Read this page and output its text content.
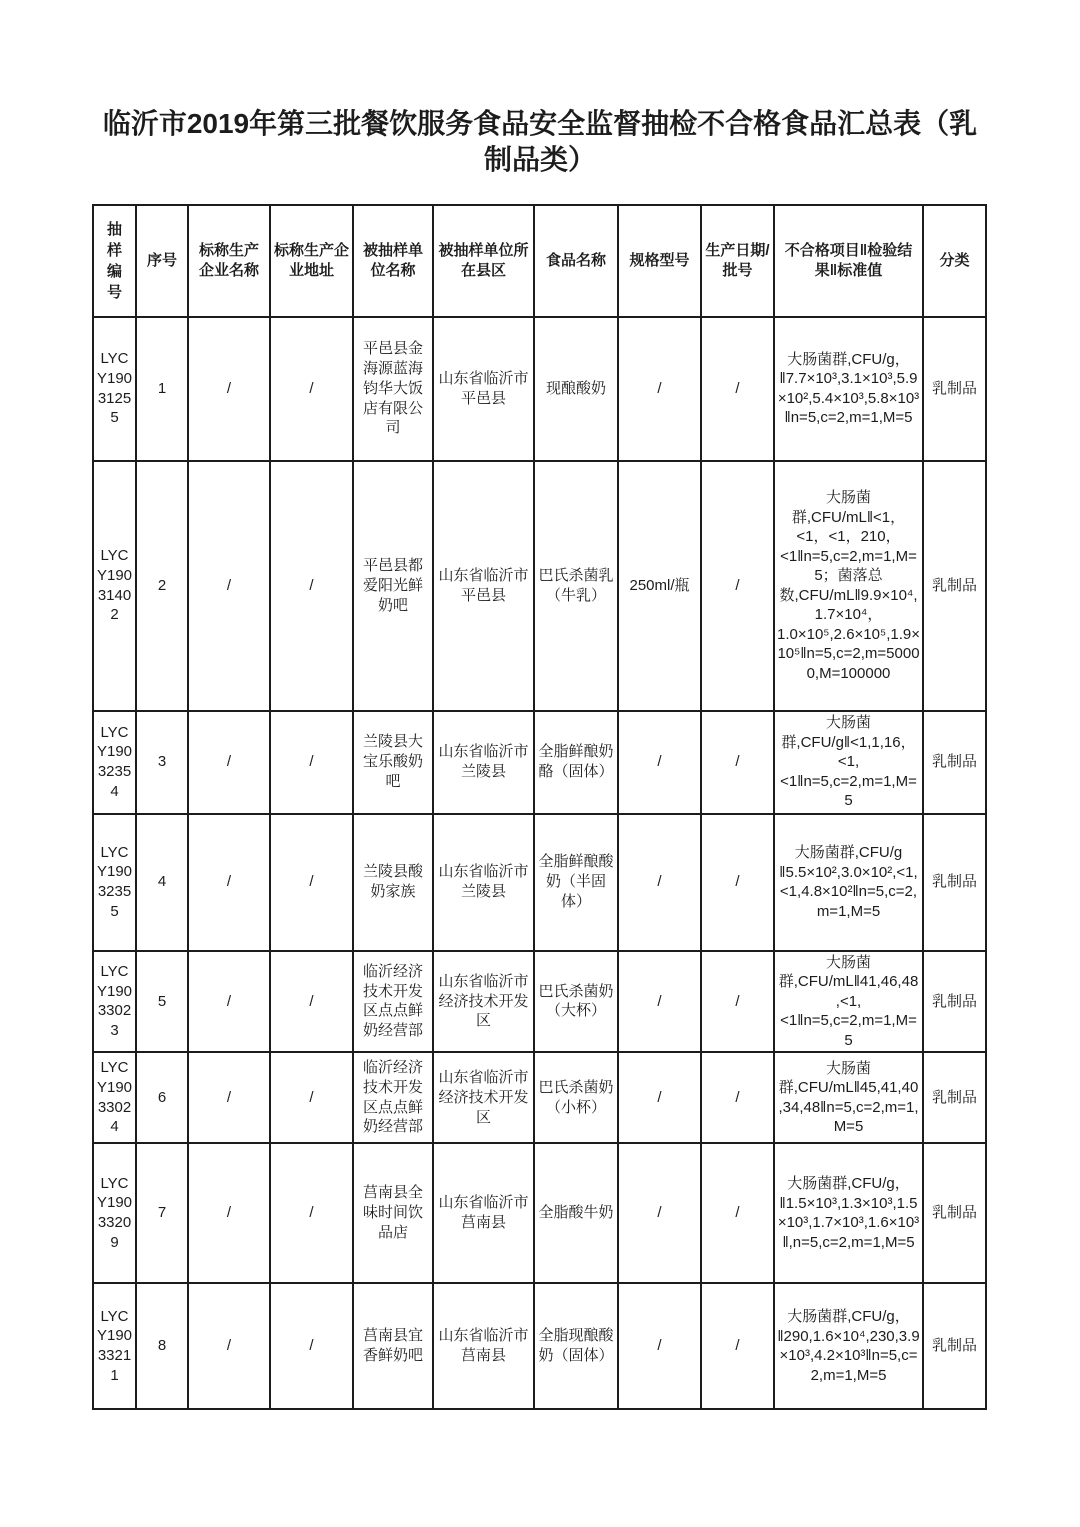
临沂市2019年第三批餐饮服务食品安全监督抽检不合格食品汇总表（乳制品类）
抽样编号	序号	标称生产企业名称	标称生产企业地址	被抽样单位名称	被抽样单位所在县区	食品名称	规格型号	生产日期/批号	不合格项目‖检验结果‖标准值	分类
LYCY19031255	1	/	/	平邑县金海源蓝海钧华大饭店有限公司	山东省临沂市平邑县	现酿酸奶	/	/	大肠菌群,CFU/g，‖7.7×10³,3.1×10³,5.9×10²,5.4×10³,5.8×10³‖n=5,c=2,m=1,M=5	乳制品
LYCY19031402	2	/	/	平邑县都爱阳光鲜奶吧	山东省临沂市平邑县	巴氏杀菌乳（牛乳）	250ml/瓶	/	大肠菌群,CFU/mL‖<1，<1，<1，210，<1‖n=5,c=2,m=1,M=5；菌落总数,CFU/mL‖9.9×10⁴,1.7×10⁴，1.0×10⁵,2.6×10⁵,1.9×10⁵‖n=5,c=2,m=50000,M=100000	乳制品
LYCY19032354	3	/	/	兰陵县大宝乐酸奶吧	山东省临沂市兰陵县	全脂鲜酿奶酪（固体）	/	/	大肠菌群,CFU/g‖<1,1,16，<1,<1‖n=5,c=2,m=1,M=5	乳制品
LYCY19032355	4	/	/	兰陵县酸奶家族	山东省临沂市兰陵县	全脂鲜酿酸奶（半固体）	/	/	大肠菌群,CFU/g ‖5.5×10²,3.0×10²,<1,<1,4.8×10²‖n=5,c=2,m=1,M=5	乳制品
LYCY19033023	5	/	/	临沂经济技术开发区点点鲜奶经营部	山东省临沂市经济技术开发区	巴氏杀菌奶（大杯）	/	/	大肠菌群,CFU/mL‖41,46,48,<1,<1‖n=5,c=2,m=1,M=5	乳制品
LYCY19033024	6	/	/	临沂经济技术开发区点点鲜奶经营部	山东省临沂市经济技术开发区	巴氏杀菌奶（小杯）	/	/	大肠菌群,CFU/mL‖45,41,40,34,48‖n=5,c=2,m=1,M=5	乳制品
LYCY19033209	7	/	/	莒南县全味时间饮品店	山东省临沂市莒南县	全脂酸牛奶	/	/	大肠菌群,CFU/g，‖1.5×10³,1.3×10³,1.5×10³,1.7×10³,1.6×10³‖,n=5,c=2,m=1,M=5	乳制品
LYCY19033211	8	/	/	莒南县宜香鲜奶吧	山东省临沂市莒南县	全脂现酿酸奶（固体）	/	/	大肠菌群,CFU/g，‖290,1.6×10⁴,230,3.9×10³,4.2×10³‖n=5,c=2,m=1,M=5	乳制品
